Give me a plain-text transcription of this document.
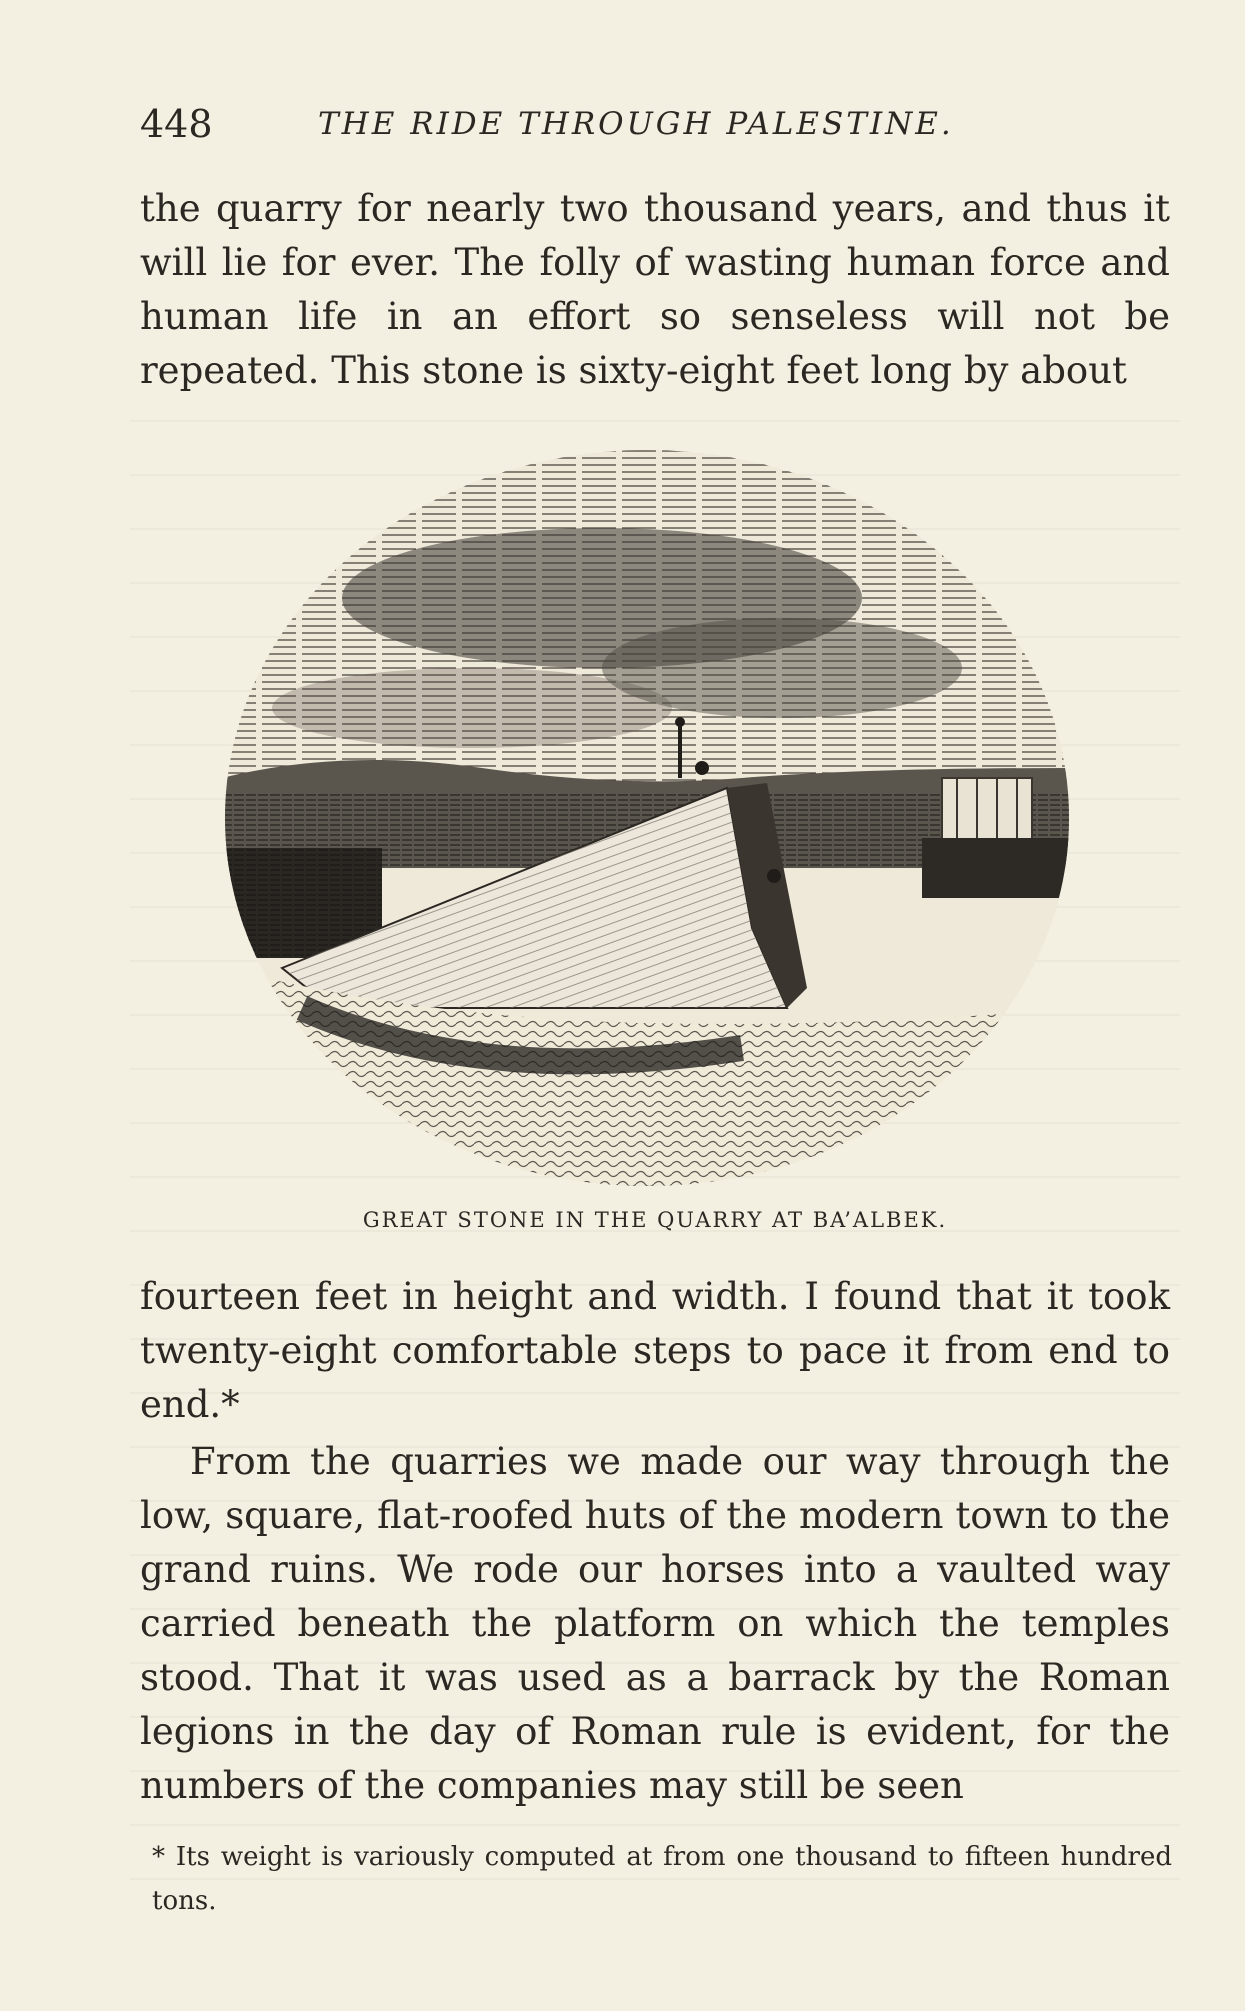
448	THE RIDE THROUGH PALESTINE.
the quarry for nearly two thousand years, and thus it will lie for ever. The folly of wasting human force and human life in an effort so senseless will not be repeated. This stone is sixty-eight feet long by about
GREAT STONE IN THE QUARRY AT BA’ALBEK.
fourteen feet in height and width. I found that it took twenty-eight comfortable steps to pace it from end to end.*
From the quarries we made our way through the low, square, flat-roofed huts of the modern town to the grand ruins. We rode our horses into a vaulted way carried beneath the platform on which the temples stood. That it was used as a barrack by the Roman legions in the day of Roman rule is evident, for the numbers of the companies may still be seen
* Its weight is variously computed at from one thousand to fifteen hundred tons.
